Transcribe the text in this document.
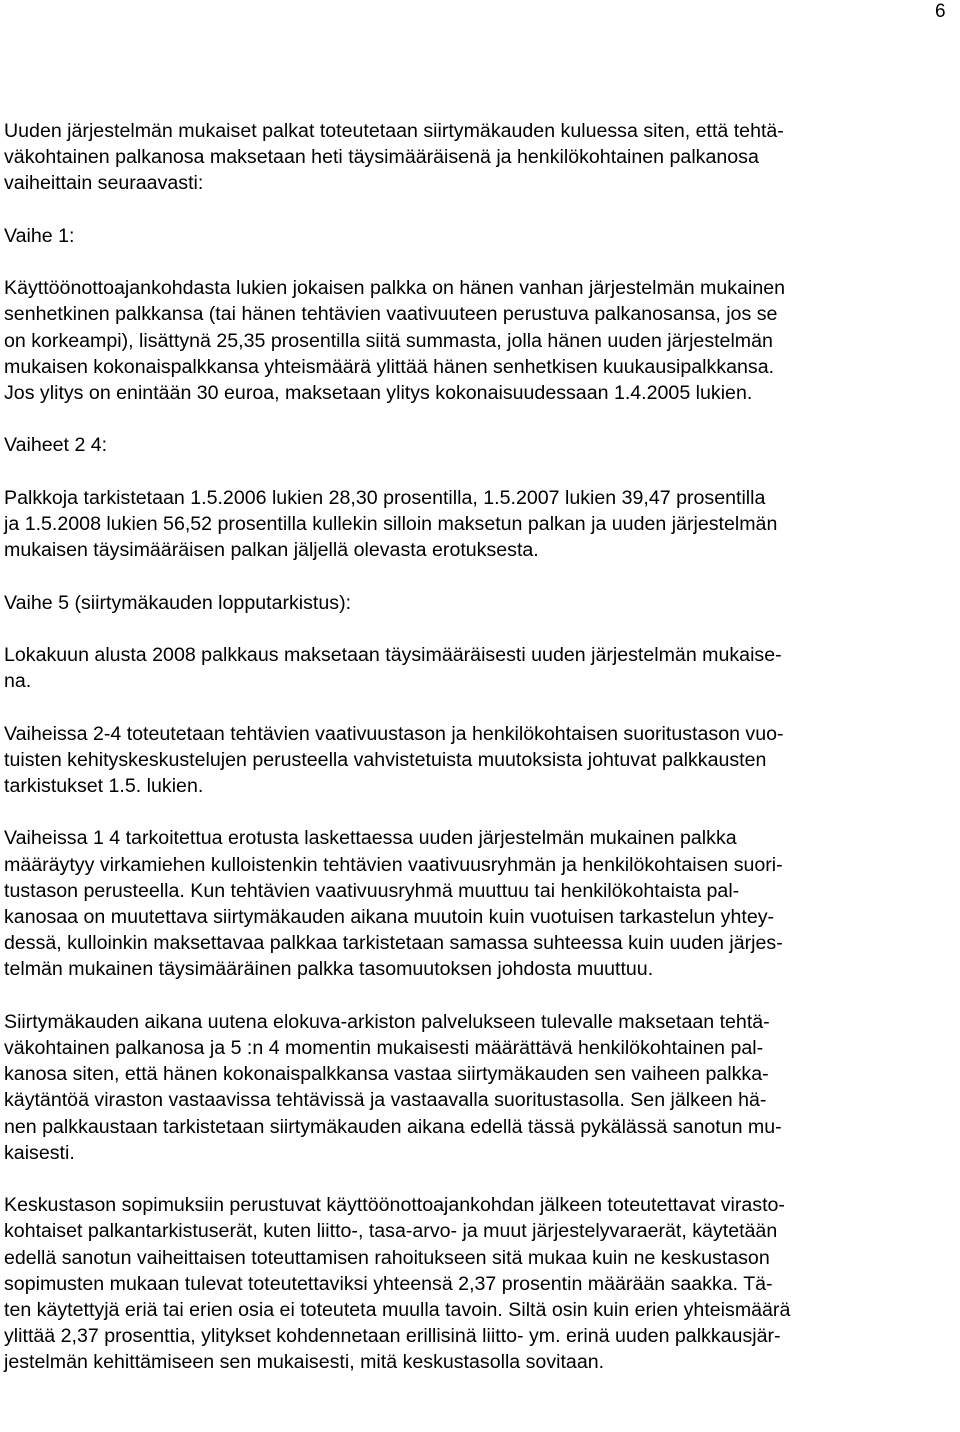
6

Uuden järjestelmän mukaiset palkat toteutetaan siirtymäkauden kuluessa siten, että tehtä-
väkohtainen palkanosa maksetaan heti täysimääräisenä ja henkilökohtainen palkanosa
vaiheittain seuraavasti:

Vaihe 1:

Käyttöönottoajankohdasta lukien jokaisen palkka on hänen vanhan järjestelmän mukainen
senhetkinen palkkansa (tai hänen tehtävien vaativuuteen perustuva palkanosansa, jos se
on korkeampi), lisättynä 25,35 prosentilla siitä summasta, jolla hänen uuden järjestelmän
mukaisen kokonaispalkkansa yhteismäärä ylittää hänen senhetkisen kuukausipalkkansa.
Jos ylitys on enintään 30 euroa, maksetaan ylitys kokonaisuudessaan 1.4.2005 lukien.

Vaiheet 2 4:

Palkkoja tarkistetaan 1.5.2006 lukien 28,30 prosentilla, 1.5.2007 lukien 39,47 prosentilla
ja 1.5.2008 lukien 56,52 prosentilla kullekin silloin maksetun palkan ja uuden järjestelmän
mukaisen täysimääräisen palkan jäljellä olevasta erotuksesta.

Vaihe 5 (siirtymäkauden lopputarkistus):

Lokakuun alusta 2008 palkkaus maksetaan täysimääräisesti uuden järjestelmän mukaise-
na.

Vaiheissa 2-4 toteutetaan tehtävien vaativuustason ja henkilökohtaisen suoritustason vuo-
tuisten kehityskeskustelujen perusteella vahvistetuista muutoksista johtuvat palkkausten
tarkistukset 1.5. lukien.

Vaiheissa 1 4 tarkoitettua erotusta laskettaessa uuden järjestelmän mukainen palkka
määräytyy virkamiehen kulloistenkin tehtävien vaativuusryhmän ja henkilökohtaisen suori-
tustason perusteella. Kun tehtävien vaativuusryhmä muuttuu tai henkilökohtaista pal-
kanosaa on muutettava siirtymäkauden aikana muutoin kuin vuotuisen tarkastelun yhtey-
dessä, kulloinkin maksettavaa palkkaa tarkistetaan samassa suhteessa kuin uuden järjes-
telmän mukainen täysimääräinen palkka tasomuutoksen johdosta muuttuu.

Siirtymäkauden aikana uutena elokuva-arkiston palvelukseen tulevalle maksetaan tehtä-
väkohtainen palkanosa ja 5 :n 4 momentin mukaisesti määrättävä henkilökohtainen pal-
kanosa siten, että hänen kokonaispalkkansa vastaa siirtymäkauden sen vaiheen palkka-
käytäntöä viraston vastaavissa tehtävissä ja vastaavalla suoritustasolla. Sen jälkeen hä-
nen palkkaustaan tarkistetaan siirtymäkauden aikana edellä tässä pykälässä sanotun mu-
kaisesti.

Keskustason sopimuksiin perustuvat käyttöönottoajankohdan jälkeen toteutettavat virasto-
kohtaiset palkantarkistuserät, kuten liitto-, tasa-arvo- ja muut järjestelyvaraerät, käytetään
edellä sanotun vaiheittaisen toteuttamisen rahoitukseen sitä mukaa kuin ne keskustason
sopimusten mukaan tulevat toteutettaviksi yhteensä 2,37 prosentin määrään saakka. Tä-
ten käytettyjä eriä tai erien osia ei toteuteta muulla tavoin. Siltä osin kuin erien yhteismäärä
ylittää 2,37 prosenttia, ylitykset kohdennetaan erillisinä liitto- ym. erinä uuden palkkausjär-
jestelmän kehittämiseen sen mukaisesti, mitä keskustasolla sovitaan.
